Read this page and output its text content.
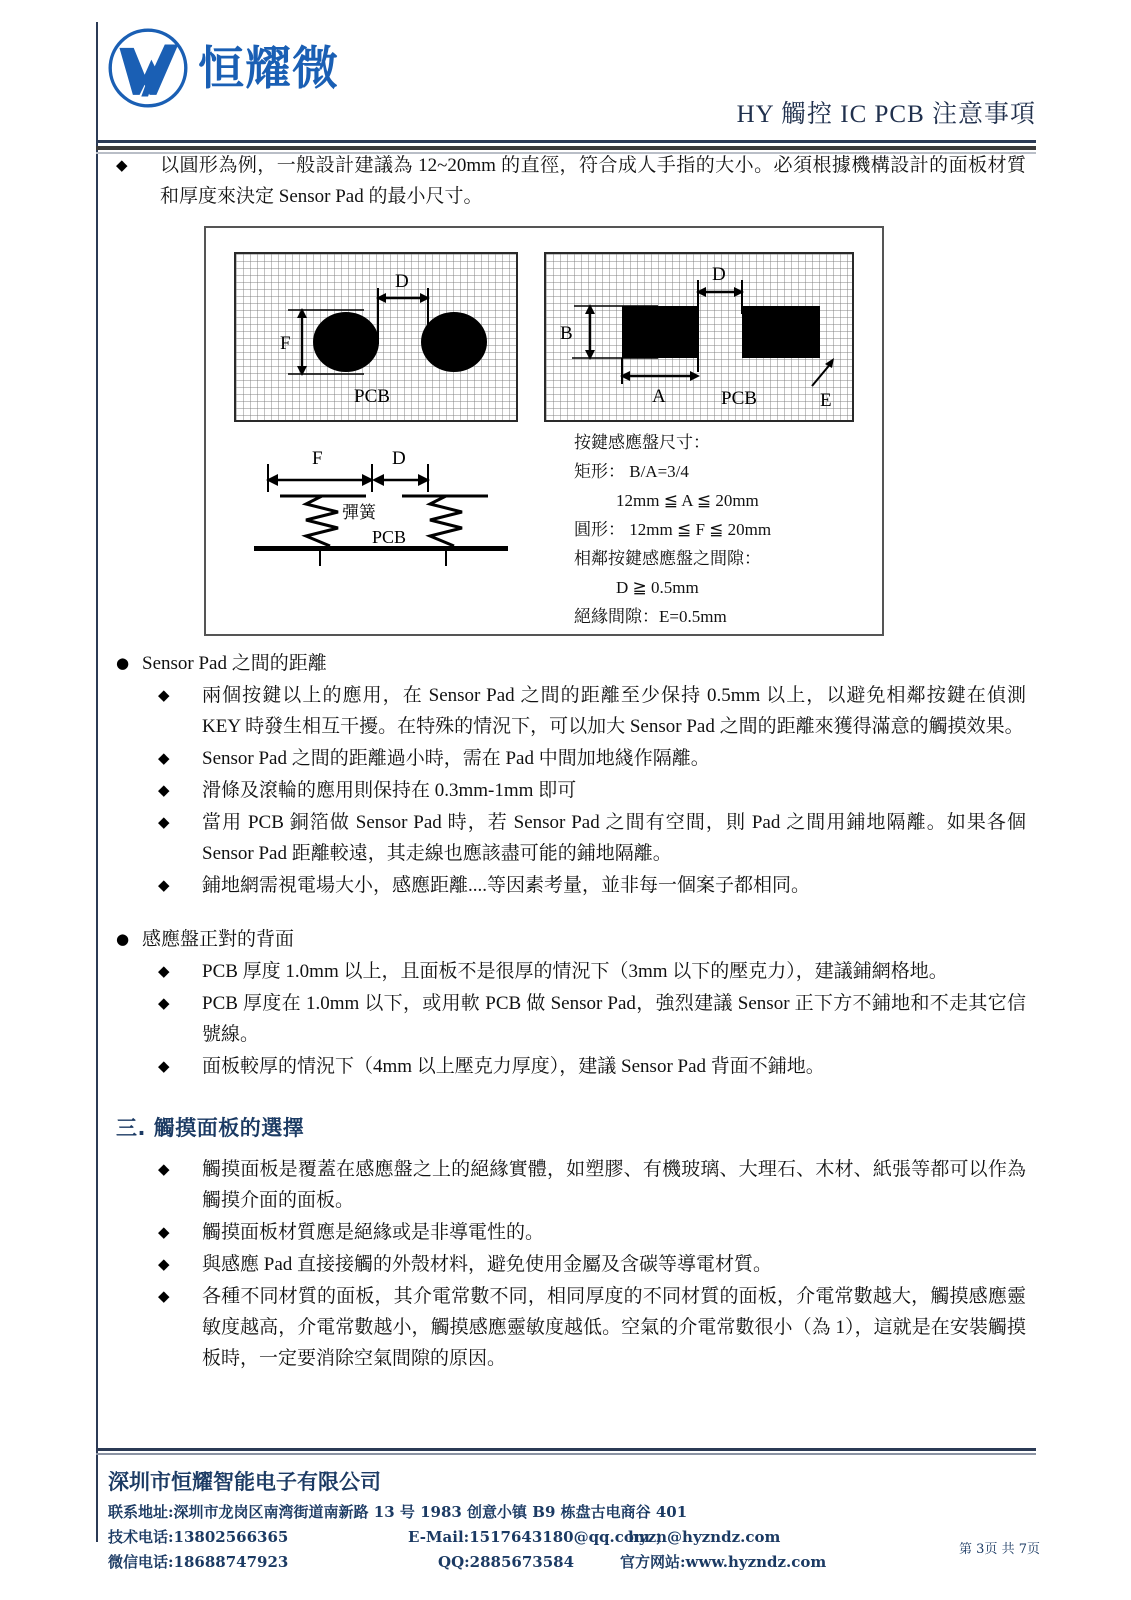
恒耀微
HY 觸控 IC PCB 注意事項
◆	以圓形為例，一般設計建議為 12~20mm 的直徑，符合成人手指的大小。必須根據機構設計的面板材質和厚度來決定 Sensor Pad 的最小尺寸。
F
D
PCB
B
D
A	E
PCB
F	D
彈簧
PCB
按鍵感應盤尺寸：
矩形： B/A=3/4
12mm ≦ A ≦ 20mm
圓形： 12mm ≦ F ≦ 20mm
相鄰按鍵感應盤之間隙：
D ≧ 0.5mm
絕緣間隙：E=0.5mm
● Sensor Pad 之間的距離
◆	兩個按鍵以上的應用，在 Sensor Pad 之間的距離至少保持 0.5mm 以上，以避免相鄰按鍵在偵測 KEY 時發生相互干擾。在特殊的情況下，可以加大 Sensor Pad 之間的距離來獲得滿意的觸摸效果。
◆	Sensor Pad 之間的距離過小時，需在 Pad 中間加地綫作隔離。
◆	滑條及滾輪的應用則保持在 0.3mm-1mm 即可
◆	當用 PCB 銅箔做 Sensor Pad 時，若 Sensor Pad 之間有空間，則 Pad 之間用鋪地隔離。如果各個 Sensor Pad 距離較遠，其走線也應該盡可能的鋪地隔離。
◆	鋪地網需視電場大小，感應距離....等因素考量，並非每一個案子都相同。
● 感應盤正對的背面
◆	PCB 厚度 1.0mm 以上，且面板不是很厚的情況下（3mm 以下的壓克力），建議鋪網格地。
◆	PCB 厚度在 1.0mm 以下，或用軟 PCB 做 Sensor Pad，強烈建議 Sensor 正下方不鋪地和不走其它信號線。
◆	面板較厚的情況下（4mm 以上壓克力厚度），建議 Sensor Pad 背面不鋪地。
三. 觸摸面板的選擇
◆	觸摸面板是覆蓋在感應盤之上的絕緣實體，如塑膠、有機玻璃、大理石、木材、紙張等都可以作為觸摸介面的面板。
◆	觸摸面板材質應是絕緣或是非導電性的。
◆	與感應 Pad 直接接觸的外殼材料，避免使用金屬及含碳等導電材質。
◆	各種不同材質的面板，其介電常數不同，相同厚度的不同材質的面板，介電常數越大，觸摸感應靈敏度越高，介電常數越小，觸摸感應靈敏度越低。空氣的介電常數很小（為 1），這就是在安裝觸摸板時，一定要消除空氣間隙的原因。
深圳市恒耀智能电子有限公司
联系地址:深圳市龙岗区南湾街道南新路 13 号 1983 创意小镇 B9 栋盘古电商谷 401
技术电话:13802566365	E-Mail:1517643180@qq.com ；
hyzn@hyzndz.com
微信电话:18688747923	QQ:2885673584	官方网站:www.hyzndz.com
第 3页 共 7页
